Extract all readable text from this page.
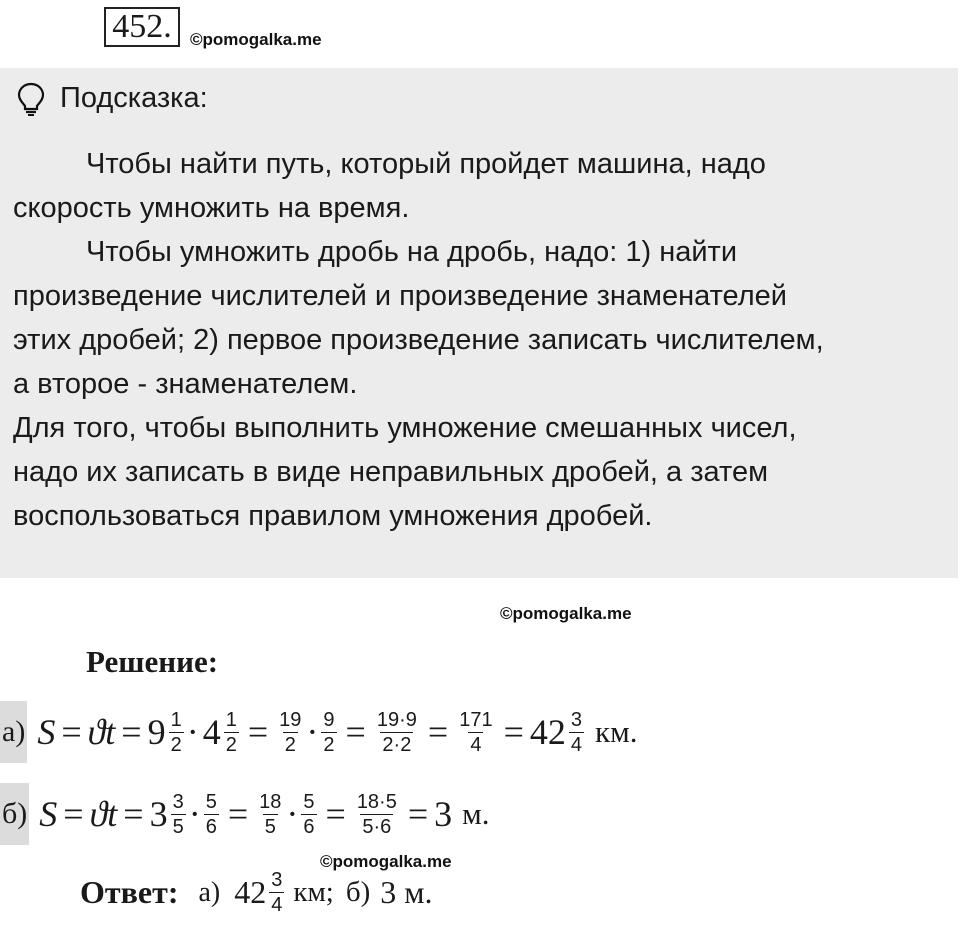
452.	©pomogalka.me
Подсказка:
Чтобы найти путь, который пройдет машина, надо
скорость умножить на время.
Чтобы умножить дробь на дробь, надо: 1) найти
произведение числителей и произведение знаменателей
этих дробей; 2) первое произведение записать числителем,
а второе - знаменателем.
Для того, чтобы выполнить умножение смешанных чисел,
надо их записать в виде неправильных дробей, а затем
воспользоваться правилом умножения дробей.
©pomogalka.me
Решение:
а) $S = ϑt = 9 \frac{1}{2} \cdot 4 \frac{1}{2} = \frac{19}{2} \cdot \frac{9}{2} = \frac{19\cdot 9}{2\cdot 2} = \frac{171}{4} = 42 \frac{3}{4}$ км.
б) $S = ϑt = 3 \frac{3}{5} \cdot \frac{5}{6} = \frac{18}{5} \cdot \frac{5}{6} = \frac{18\cdot 5}{5\cdot 6} = 3$ м.
©pomogalka.me
Ответ: а) $42 \frac{3}{4}$ км; б) 3 м.
